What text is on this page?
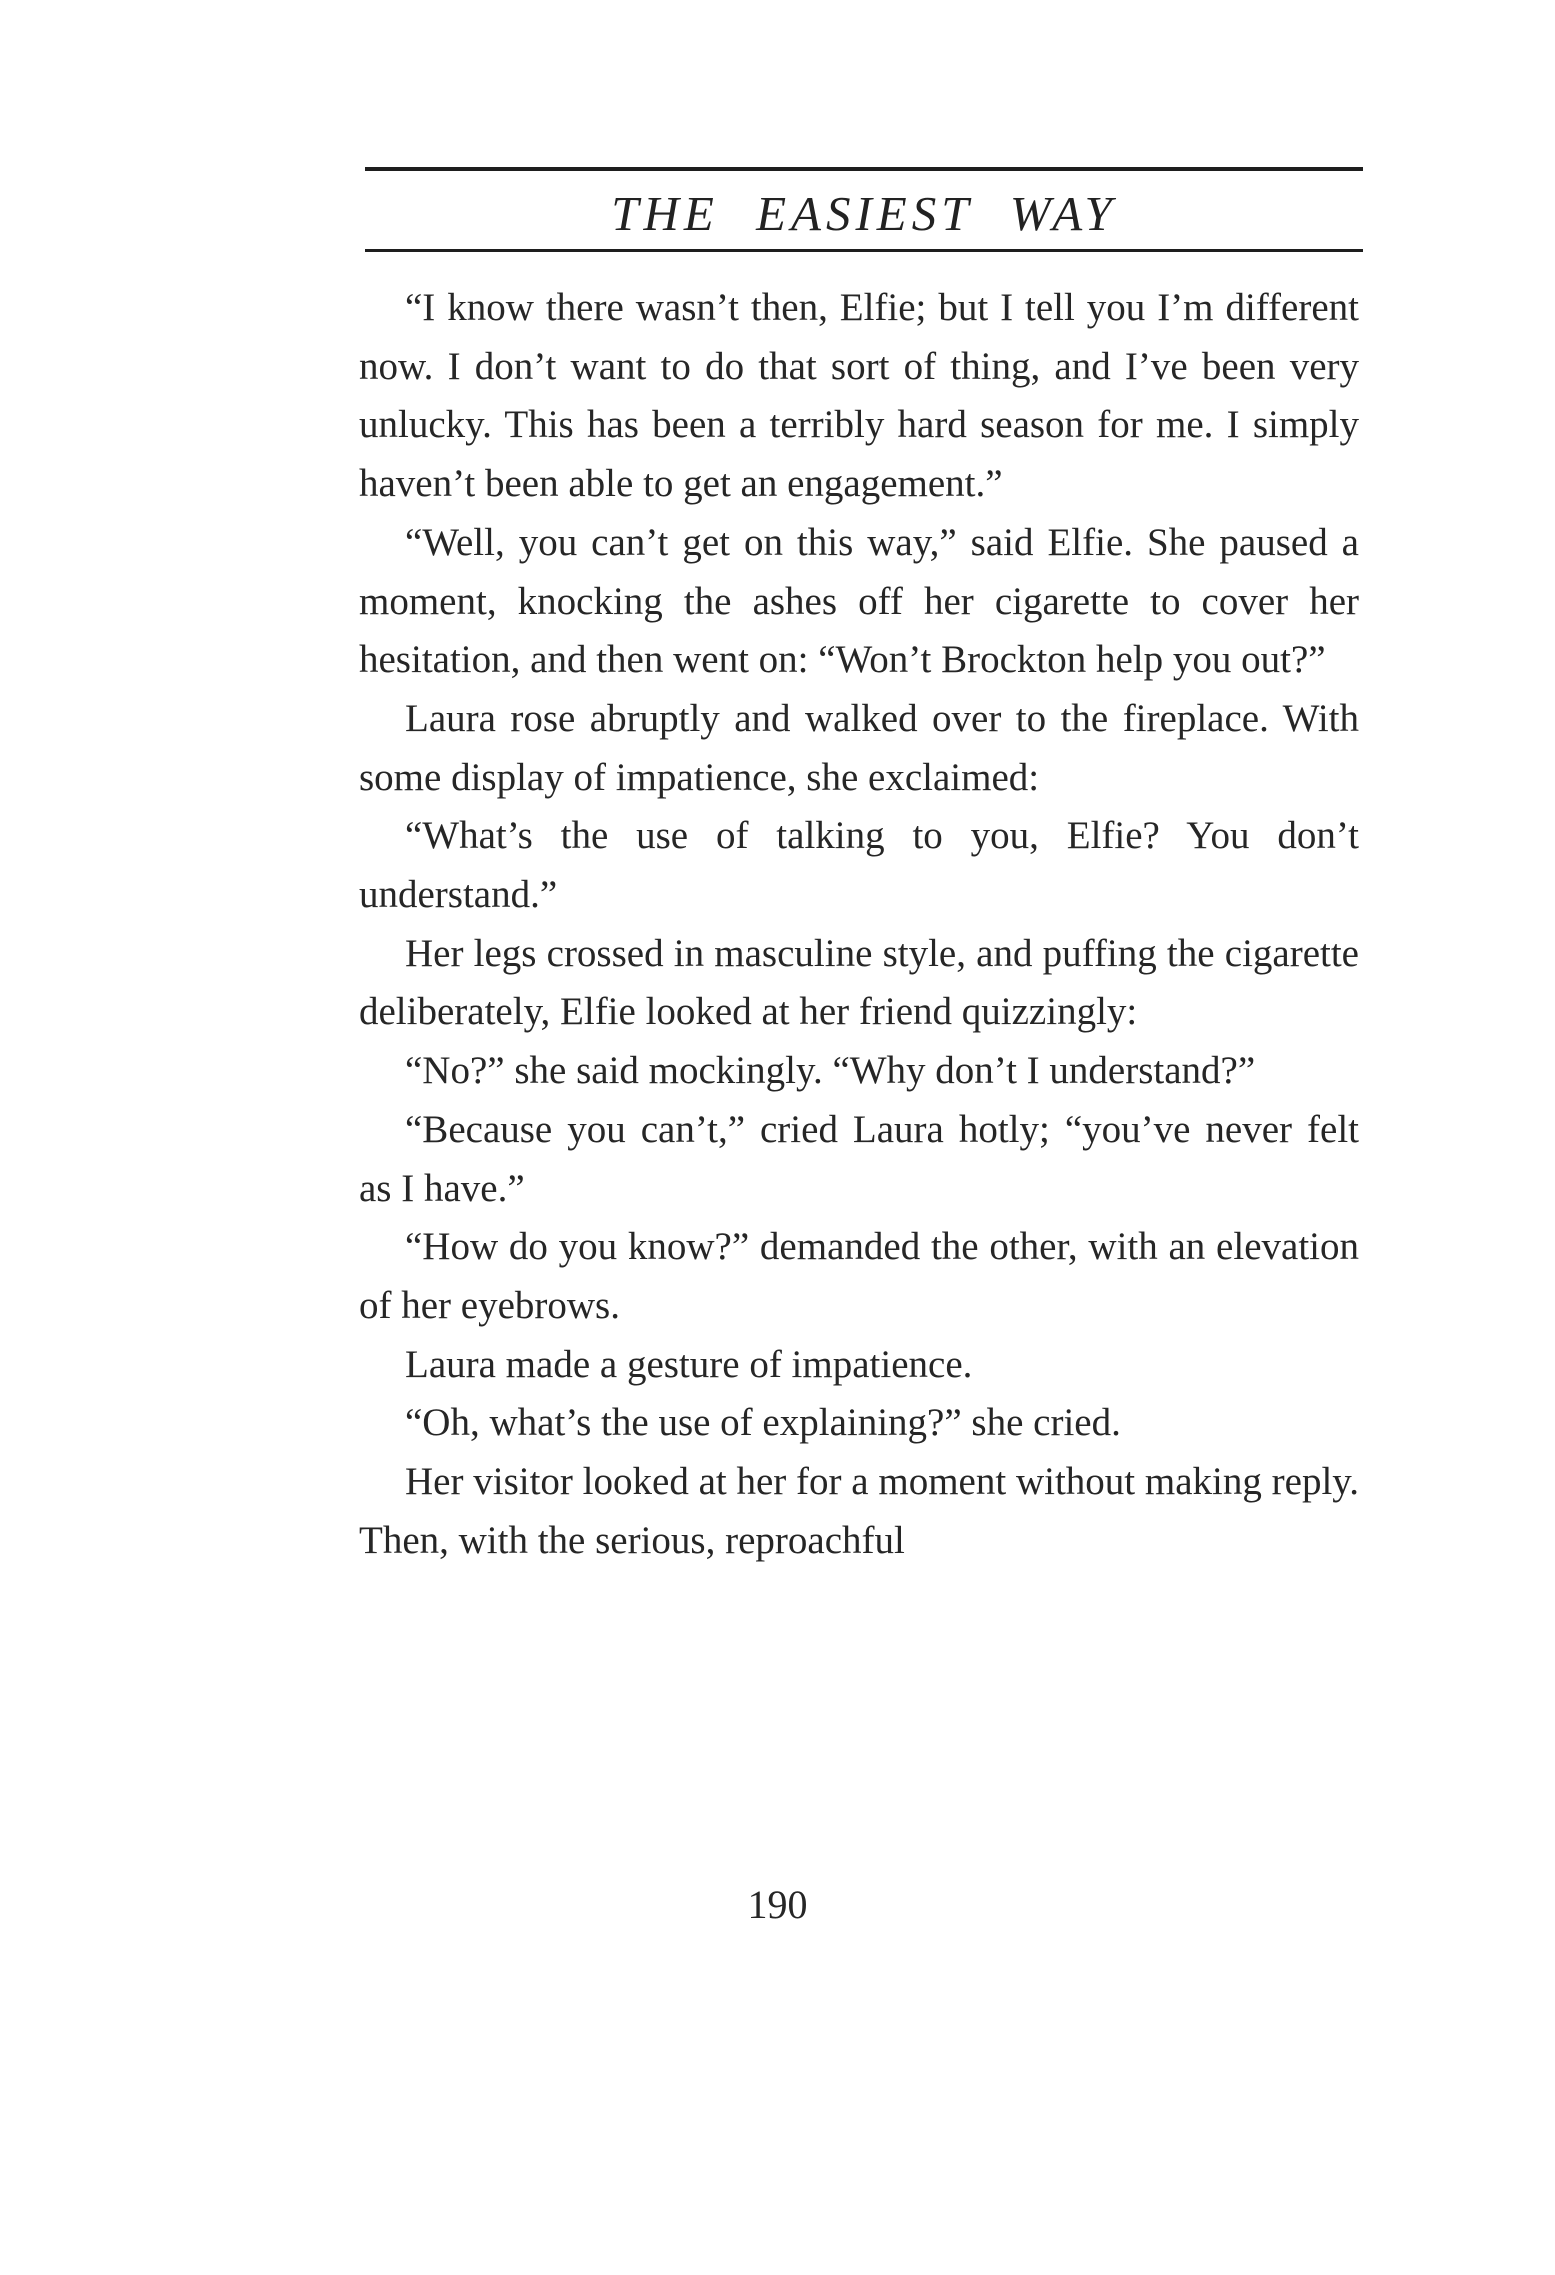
THE EASIEST WAY

“I know there wasn’t then, Elfie; but I tell you I’m different now. I don’t want to do that sort of thing, and I’ve been very unlucky. This has been a terribly hard season for me. I simply haven’t been able to get an engagement.”

“Well, you can’t get on this way,” said Elfie. She paused a moment, knocking the ashes off her cigarette to cover her hesitation, and then went on: “Won’t Brockton help you out?”

Laura rose abruptly and walked over to the fireplace. With some display of impatience, she exclaimed:

“What’s the use of talking to you, Elfie? You don’t understand.”

Her legs crossed in masculine style, and puffing the cigarette deliberately, Elfie looked at her friend quizzingly:

“No?” she said mockingly. “Why don’t I understand?”

“Because you can’t,” cried Laura hotly; “you’ve never felt as I have.”

“How do you know?” demanded the other, with an elevation of her eyebrows.

Laura made a gesture of impatience.

“Oh, what’s the use of explaining?” she cried.

Her visitor looked at her for a moment without making reply. Then, with the serious, reproachful

190
